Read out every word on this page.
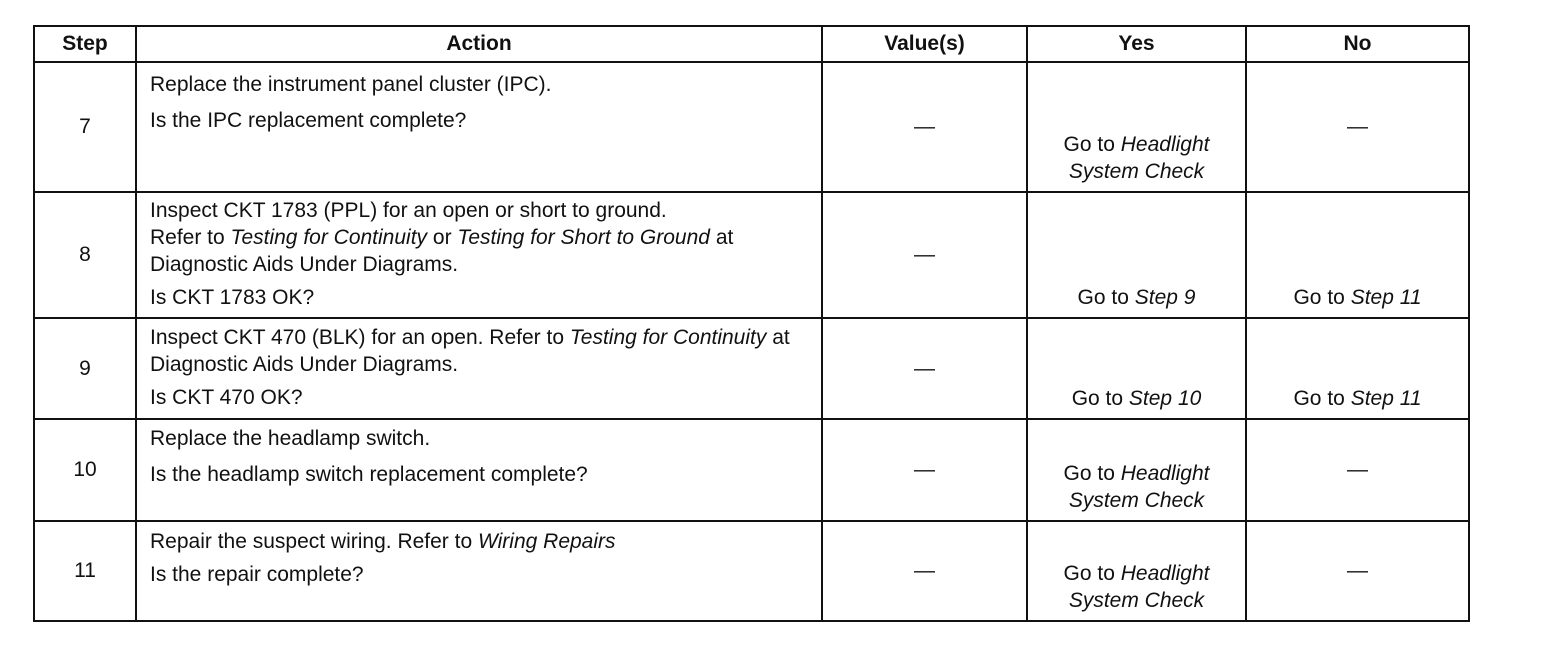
Step	Action	Value(s)	Yes	No
7	Replace the instrument panel cluster (IPC).

Is the IPC replacement complete?	—	Go to Headlight System Check	—
8	Inspect CKT 1783 (PPL) for an open or short to ground.
Refer to Testing for Continuity or Testing for Short to Ground at Diagnostic Aids Under Diagrams.

Is CKT 1783 OK?	—	Go to Step 9	Go to Step 11

9	Inspect CKT 470 (BLK) for an open. Refer to Testing for Continuity at Diagnostic Aids Under Diagrams.

Is CKT 470 OK?	—	Go to Step 10	Go to Step 11

10	Replace the headlamp switch.

Is the headlamp switch replacement complete?	—	Go to Headlight System Check	—
11	Repair the suspect wiring. Refer to Wiring Repairs

Is the repair complete?	—	Go to Headlight System Check	—
